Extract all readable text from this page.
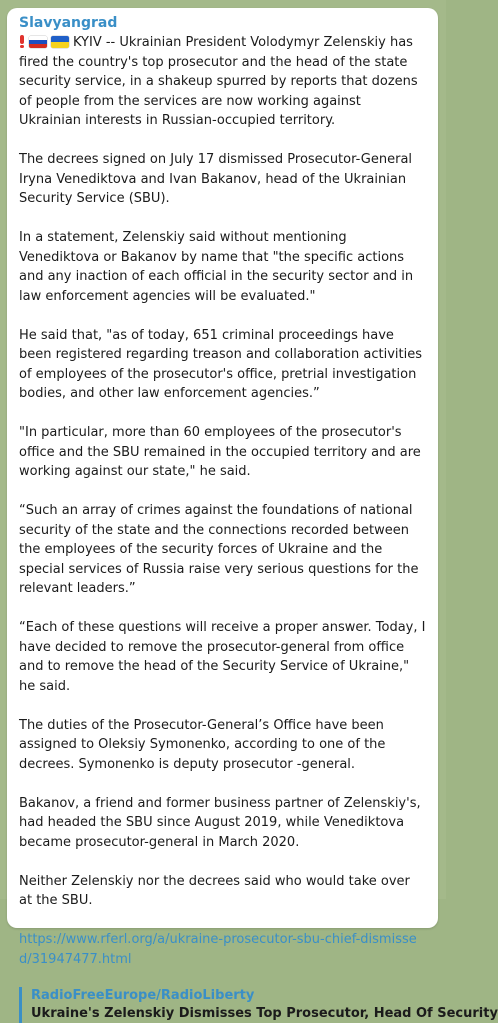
Slavyangrad

KYIV -- Ukrainian President Volodymyr Zelenskiy has fired the country's top prosecutor and the head of the state security service, in a shakeup spurred by reports that dozens of people from the services are now working against Ukrainian interests in Russian-occupied territory.

The decrees signed on July 17 dismissed Prosecutor-General Iryna Venediktova and Ivan Bakanov, head of the Ukrainian Security Service (SBU).

In a statement, Zelenskiy said without mentioning Venediktova or Bakanov by name that "the specific actions and any inaction of each official in the security sector and in law enforcement agencies will be evaluated."

He said that, "as of today, 651 criminal proceedings have been registered regarding treason and collaboration activities of employees of the prosecutor's office, pretrial investigation bodies, and other law enforcement agencies.”

"In particular, more than 60 employees of the prosecutor's office and the SBU remained in the occupied territory and are working against our state," he said.

“Such an array of crimes against the foundations of national security of the state and the connections recorded between the employees of the security forces of Ukraine and the special services of Russia raise very serious questions for the relevant leaders.”

“Each of these questions will receive a proper answer. Today, I have decided to remove the prosecutor-general from office and to remove the head of the Security Service of Ukraine," he said.

The duties of the Prosecutor-General’s Office have been assigned to Oleksiy Symonenko, according to one of the decrees. Symonenko is deputy prosecutor -general.

Bakanov, a friend and former business partner of Zelenskiy's, had headed the SBU since August 2019, while Venediktova became prosecutor-general in March 2020.

Neither Zelenskiy nor the decrees said who would take over at the SBU.

https://www.rferl.org/a/ukraine-prosecutor-sbu-chief-dismissed/31947477.html

RadioFreeEurope/RadioLiberty
Ukraine's Zelenskiy Dismisses Top Prosecutor, Head Of Security
